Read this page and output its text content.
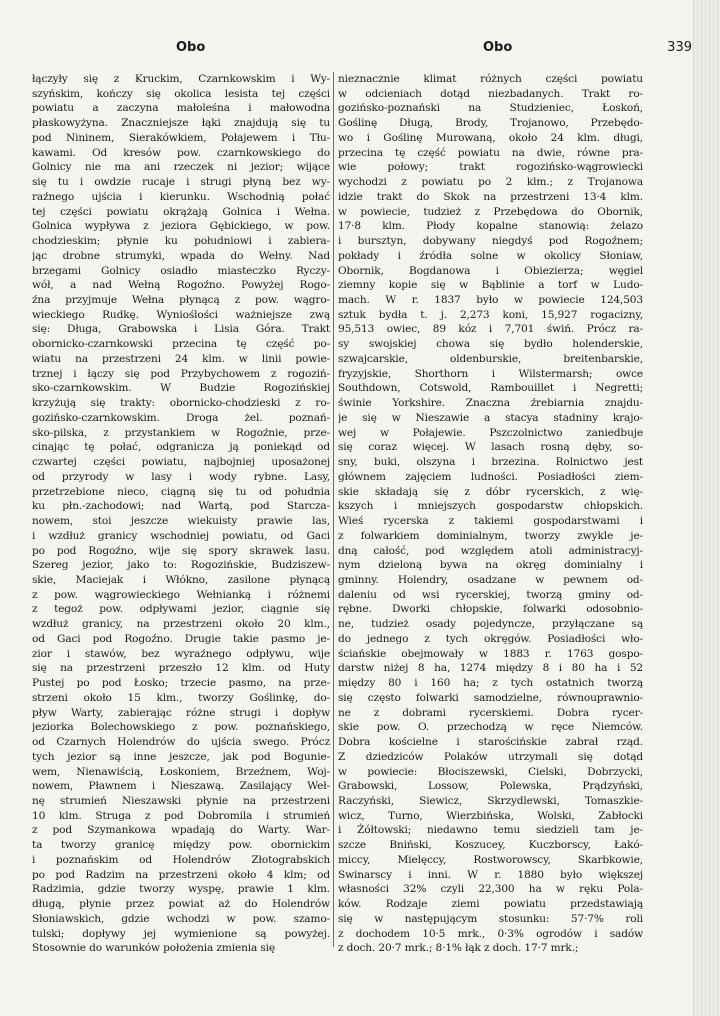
Obo	Obo	339
łączyły się z Kruckim, Czarnkowskim i Wy-
szyńskim, kończy się okolica lesista tej części
powiatu a zaczyna małoleśna i małowodna
płaskowyżyna. Znaczniejsze łąki znajdują się tu
pod Nininem, Sierakówkiem, Połajewem i Tłu-
kawami. Od kresów pow. czarnkowskiego do
Golnicy nie ma ani rzeczek ni jezior; wijące
się tu i owdzie rucaje i strugi płyną bez wy-
raźnego ujścia i kierunku. Wschodnią połać
tej części powiatu okrążają Golnica i Wełna.
Golnica wypływa z jeziora Gębickiego, w pow.
chodzieskim; płynie ku południowi i zabiera-
jąc drobne strumyki, wpada do Wełny. Nad
brzegami Golnicy osiadło miasteczko Ryczy-
wół, a nad Wełną Rogoźno. Powyżej Rogo-
źna przyjmuje Wełna płynącą z pow. wągro-
wieckiego Rudkę. Wynioślości ważniejsze zwą
się: Długa, Grabowska i Lisia Góra. Trakt
obornicko-czarnkowski przecina tę część po-
wiatu na przestrzeni 24 klm. w linii powie-
trznej i łączy się pod Przybychowem z rogoziń-
sko-czarnkowskim. W Budzie Rogozińskiej
krzyżują się trakty: obornicko-chodzieski z ro-
gozińsko-czarnkowskim. Droga żel. poznań-
sko-pilska, z przystankiem w Rogoźnie, prze-
cinając tę połać, odgranicza ją poniekąd od
czwartej części powiatu, najbojniej uposażonej
od przyrody w lasy i wody rybne. Lasy,
przetrzebione nieco, ciągną się tu od południa
ku płn.-zachodowi; nad Wartą, pod Starcza-
nowem, stoi jeszcze wiekuisty prawie las,
i wzdłuż granicy wschodniej powiatu, od Gaci
po pod Rogoźno, wije się spory skrawek lasu.
Szereg jezior, jako to: Rogozińskie, Budziszew-
skie, Maciejak i Włókno, zasilone płynącą
z pow. wągrowieckiego Wełnianką i różnemi
z tegoż pow. odpływami jezior, ciągnie się
wzdłuż granicy, na przestrzeni około 20 klm.,
od Gaci pod Rogoźno. Drugie takie pasmo je-
zior i stawów, bez wyraźnego odpływu, wije
się na przestrzeni przeszło 12 klm. od Huty
Pustej po pod Łosko; trzecie pasmo, na prze-
strzeni około 15 klm., tworzy Goślinkę, do-
pływ Warty, zabierając różne strugi i dopływ
jeziorka Bolechowskiego z pow. poznańskiego,
od Czarnych Holendrów do ujścia swego. Prócz
tych jezior są inne jeszcze, jak pod Bogunie-
wem, Nienawiścią, Łoskoniem, Brzeźnem, Woj-
nowem, Pławnem i Nieszawą. Zasilający Weł-
nę strumień Nieszawski płynie na przestrzeni
10 klm. Struga z pod Dobromila i strumień
z pod Szymankowa wpadają do Warty. War-
ta tworzy granicę między pow. obornickim
i poznańskim od Holendrów Złotograbskich
po pod Radzim na przestrzeni około 4 klm; od
Radzimia, gdzie tworzy wyspę, prawie 1 klm.
długą, płynie przez powiat aż do Holendrów
Słoniawskich, gdzie wchodzi w pow. szamo-
tulski; dopływy jej wymienione są powyżej.
Stosownie do warunków położenia zmienia się
nieznacznie klimat różnych części powiatu
w odcieniach dotąd niezbadanych. Trakt ro-
gozińsko-poznański na Studzieniec, Łoskoń,
Goślinę Długą, Brody, Trojanowo, Przebędo-
wo i Goślinę Murowaną, około 24 klm. długi,
przecina tę część powiatu na dwie, równe pra-
wie połowy; trakt rogozińsko-wągrowiecki
wychodzi z powiatu po 2 klm.; z Trojanowa
idzie trakt do Skok na przestrzeni 13·4 klm.
w powiecie, tudzież z Przebędowa do Obornik,
17·8 klm. Płody kopalne stanowią: żelazo
i bursztyn, dobywany niegdyś pod Rogoźnem;
pokłady i źródła solne w okolicy Słoniaw,
Obornik, Bogdanowa i Obiezierza; węgiel
ziemny kopie się w Bąblinie a torf w Ludo-
mach. W r. 1837 było w powiecie 124,503
sztuk bydła t. j. 2,273 koni, 15,927 rogacizny,
95,513 owiec, 89 kóz i 7,701 świń. Prócz ra-
sy swojskiej chowa się bydło holenderskie,
szwajcarskie, oldenburskie, breitenbarskie,
fryzyjskie, Shorthorn i Wilstermarsh; owce
Southdown, Cotswold, Rambouillet i Negretti;
świnie Yorkshire. Znaczna źrebiarnia znajdu-
je się w Nieszawie a stacya stadniny krajo-
wej w Połajewie. Pszczolnictwo zaniedbuje
się coraz więcej. W lasach rosną dęby, so-
sny, buki, olszyna i brzezina. Rolnictwo jest
głównem zajęciem ludności. Posiadłości ziem-
skie składają się z dóbr rycerskich, z wię-
kszych i mniejszych gospodarstw chłopskich.
Wieś rycerska z takiemi gospodarstwami i
z folwarkiem dominialnym, tworzy zwykle je-
dną całość, pod względem atoli administracyj-
nym dzieloną bywa na okręg dominialny i
gminny. Holendry, osadzane w pewnem od-
daleniu od wsi rycerskiej, tworzą gminy od-
rębne. Dworki chłopskie, folwarki odosobnio-
ne, tudzież osady pojedyncze, przyłączane są
do jednego z tych okręgów. Posiadłości wło-
ściańskie obejmowały w 1883 r. 1763 gospo-
darstw niżej 8 ha, 1274 między 8 i 80 ha i 52
między 80 i 160 ha; z tych ostatnich tworzą
się często folwarki samodzielne, równouprawnio-
ne z dobrami rycerskiemi. Dobra rycer-
skie pow. O. przechodzą w ręce Niemców.
Dobra kościelne i starościńskie zabrał rząd.
Z dziedziców Polaków utrzymali się dotąd
w powiecie: Błociszewski, Cielski, Dobrzycki,
Grabowski, Lossow, Polewska, Prądzyński,
Raczyński, Siewicz, Skrzydlewski, Tomaszkie-
wicz, Turno, Wierzbińska, Wolski, Zabłocki
i Żółtowski; niedawno temu siedzieli tam je-
szcze Bniński, Koszucey, Kuczborscy, Łakó-
miccy, Mielęccy, Rostworowscy, Skarbkowie,
Swinarscy i inni. W r. 1880 było większej
własności 32% czyli 22,300 ha w ręku Pola-
ków. Rodzaje ziemi powiatu przedstawiają
się w następującym stosunku: 57·7% roli
z dochodem 10·5 mrk., 0·3% ogrodów i sadów
z doch. 20·7 mrk.; 8·1% łąk z doch. 17·7 mrk.;
